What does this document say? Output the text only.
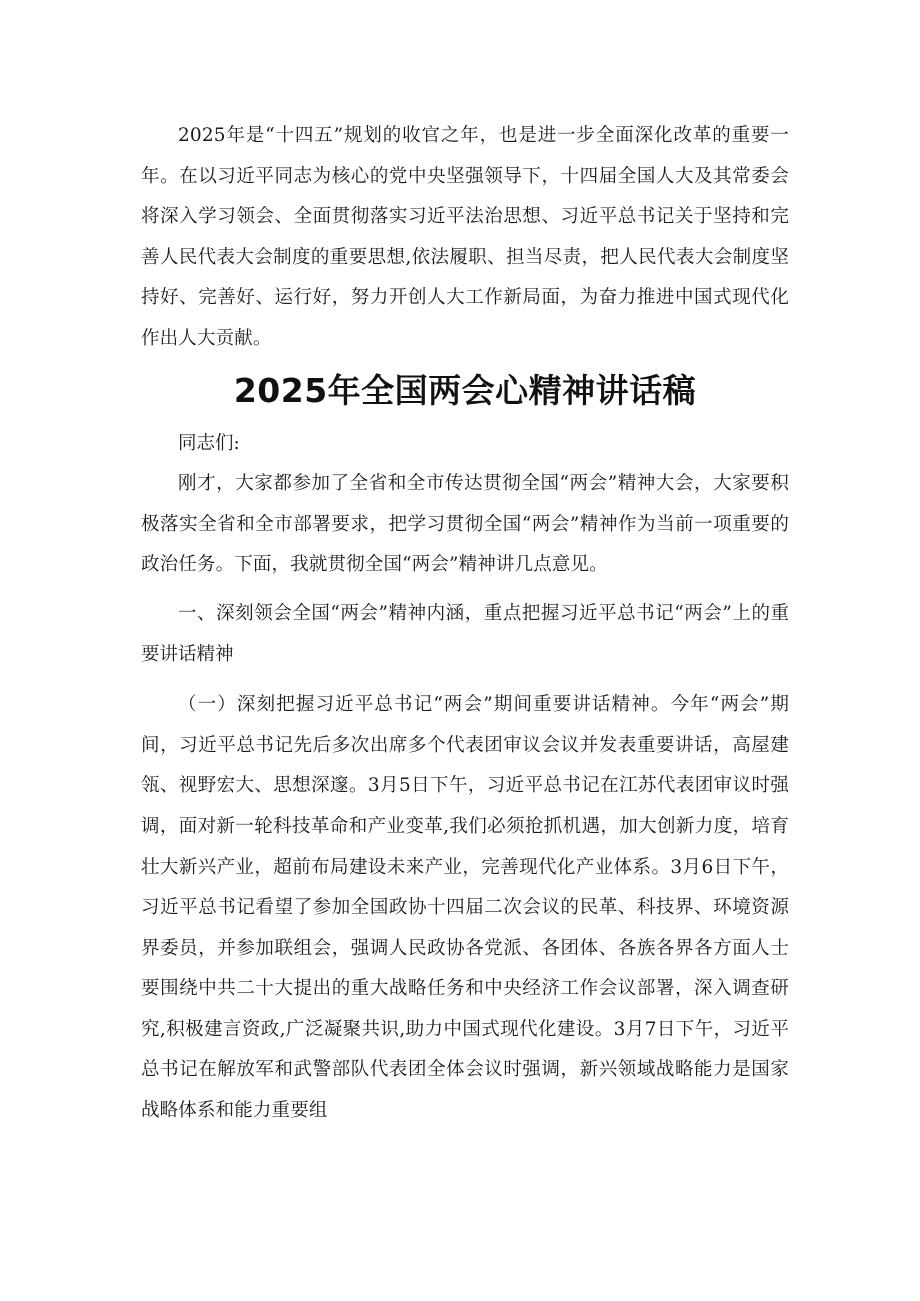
2025年是“十四五”规划的收官之年，也是进一步全面深化改革的重要一年。在以习近平同志为核心的党中央坚强领导下，十四届全国人大及其常委会将深入学习领会、全面贯彻落实习近平法治思想、习近平总书记关于坚持和完善人民代表大会制度的重要思想,依法履职、担当尽责，把人民代表大会制度坚持好、完善好、运行好，努力开创人大工作新局面，为奋力推进中国式现代化作出人大贡献。

2025年全国两会心精神讲话稿

同志们:

刚才，大家都参加了全省和全市传达贯彻全国“两会”精神大会，大家要积极落实全省和全市部署要求，把学习贯彻全国“两会”精神作为当前一项重要的政治任务。下面，我就贯彻全国“两会”精神讲几点意见。

一、深刻领会全国“两会”精神内涵，重点把握习近平总书记“两会”上的重要讲话精神

（一）深刻把握习近平总书记“两会”期间重要讲话精神。今年“两会”期间，习近平总书记先后多次出席多个代表团审议会议并发表重要讲话，高屋建瓴、视野宏大、思想深邃。3月5日下午，习近平总书记在江苏代表团审议时强调，面对新一轮科技革命和产业变革,我们必须抢抓机遇，加大创新力度，培育壮大新兴产业，超前布局建设未来产业，完善现代化产业体系。3月6日下午，习近平总书记看望了参加全国政协十四届二次会议的民革、科技界、环境资源界委员，并参加联组会，强调人民政协各党派、各团体、各族各界各方面人士要围绕中共二十大提出的重大战略任务和中央经济工作会议部署，深入调查研究,积极建言资政,广泛凝聚共识,助力中国式现代化建设。3月7日下午，习近平总书记在解放军和武警部队代表团全体会议时强调，新兴领域战略能力是国家战略体系和能力重要组
